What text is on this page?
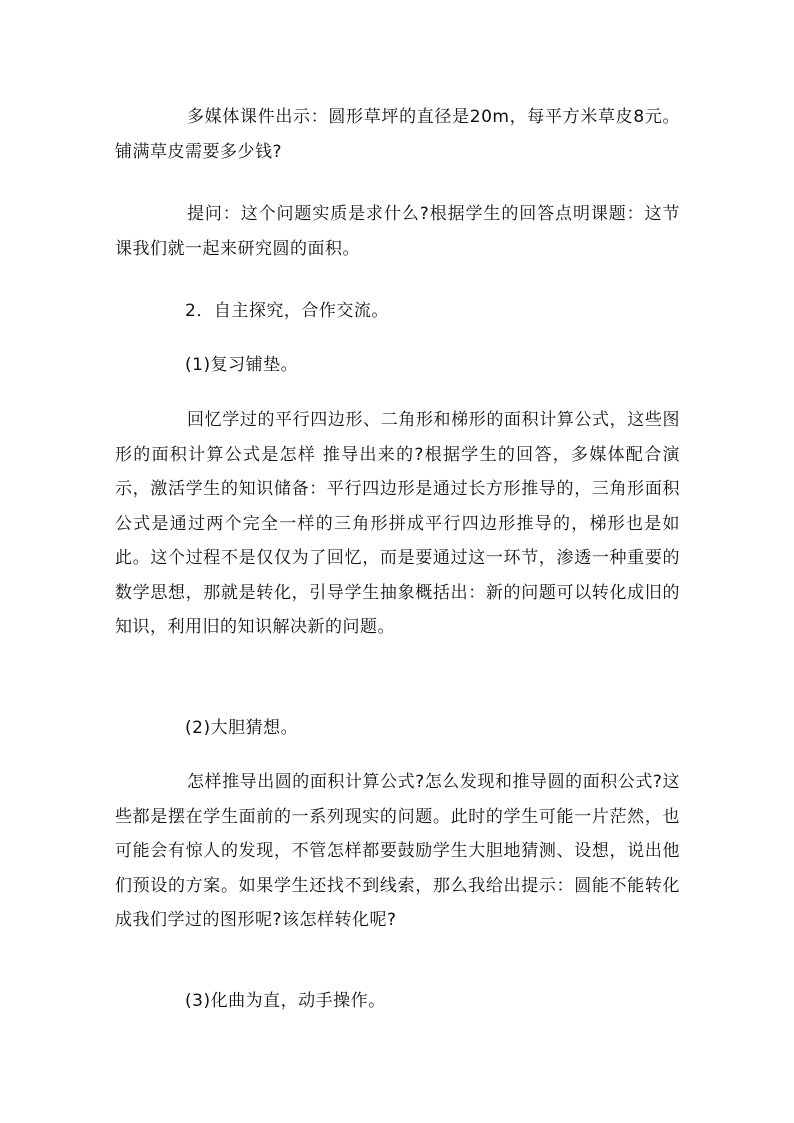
多媒体课件出示：圆形草坪的直径是20m，每平方米草皮8元。铺满草皮需要多少钱?

提问：这个问题实质是求什么?根据学生的回答点明课题：这节课我们就一起来研究圆的面积。

2．自主探究，合作交流。

(1)复习铺垫。

回忆学过的平行四边形、二角形和梯形的面积计算公式，这些图形的面积计算公式是怎样 推导出来的?根据学生的回答，多媒体配合演示，激活学生的知识储备：平行四边形是通过长方形推导的，三角形面积公式是通过两个完全一样的三角形拼成平行四边形推导的，梯形也是如此。这个过程不是仅仅为了回忆，而是要通过这一环节，渗透一种重要的数学思想，那就是转化，引导学生抽象概括出：新的问题可以转化成旧的知识，利用旧的知识解决新的问题。

(2)大胆猜想。

怎样推导出圆的面积计算公式?怎么发现和推导圆的面积公式?这些都是摆在学生面前的一系列现实的问题。此时的学生可能一片茫然，也可能会有惊人的发现，不管怎样都要鼓励学生大胆地猜测、设想，说出他们预设的方案。如果学生还找不到线索，那么我给出提示：圆能不能转化成我们学过的图形呢?该怎样转化呢?

(3)化曲为直，动手操作。
